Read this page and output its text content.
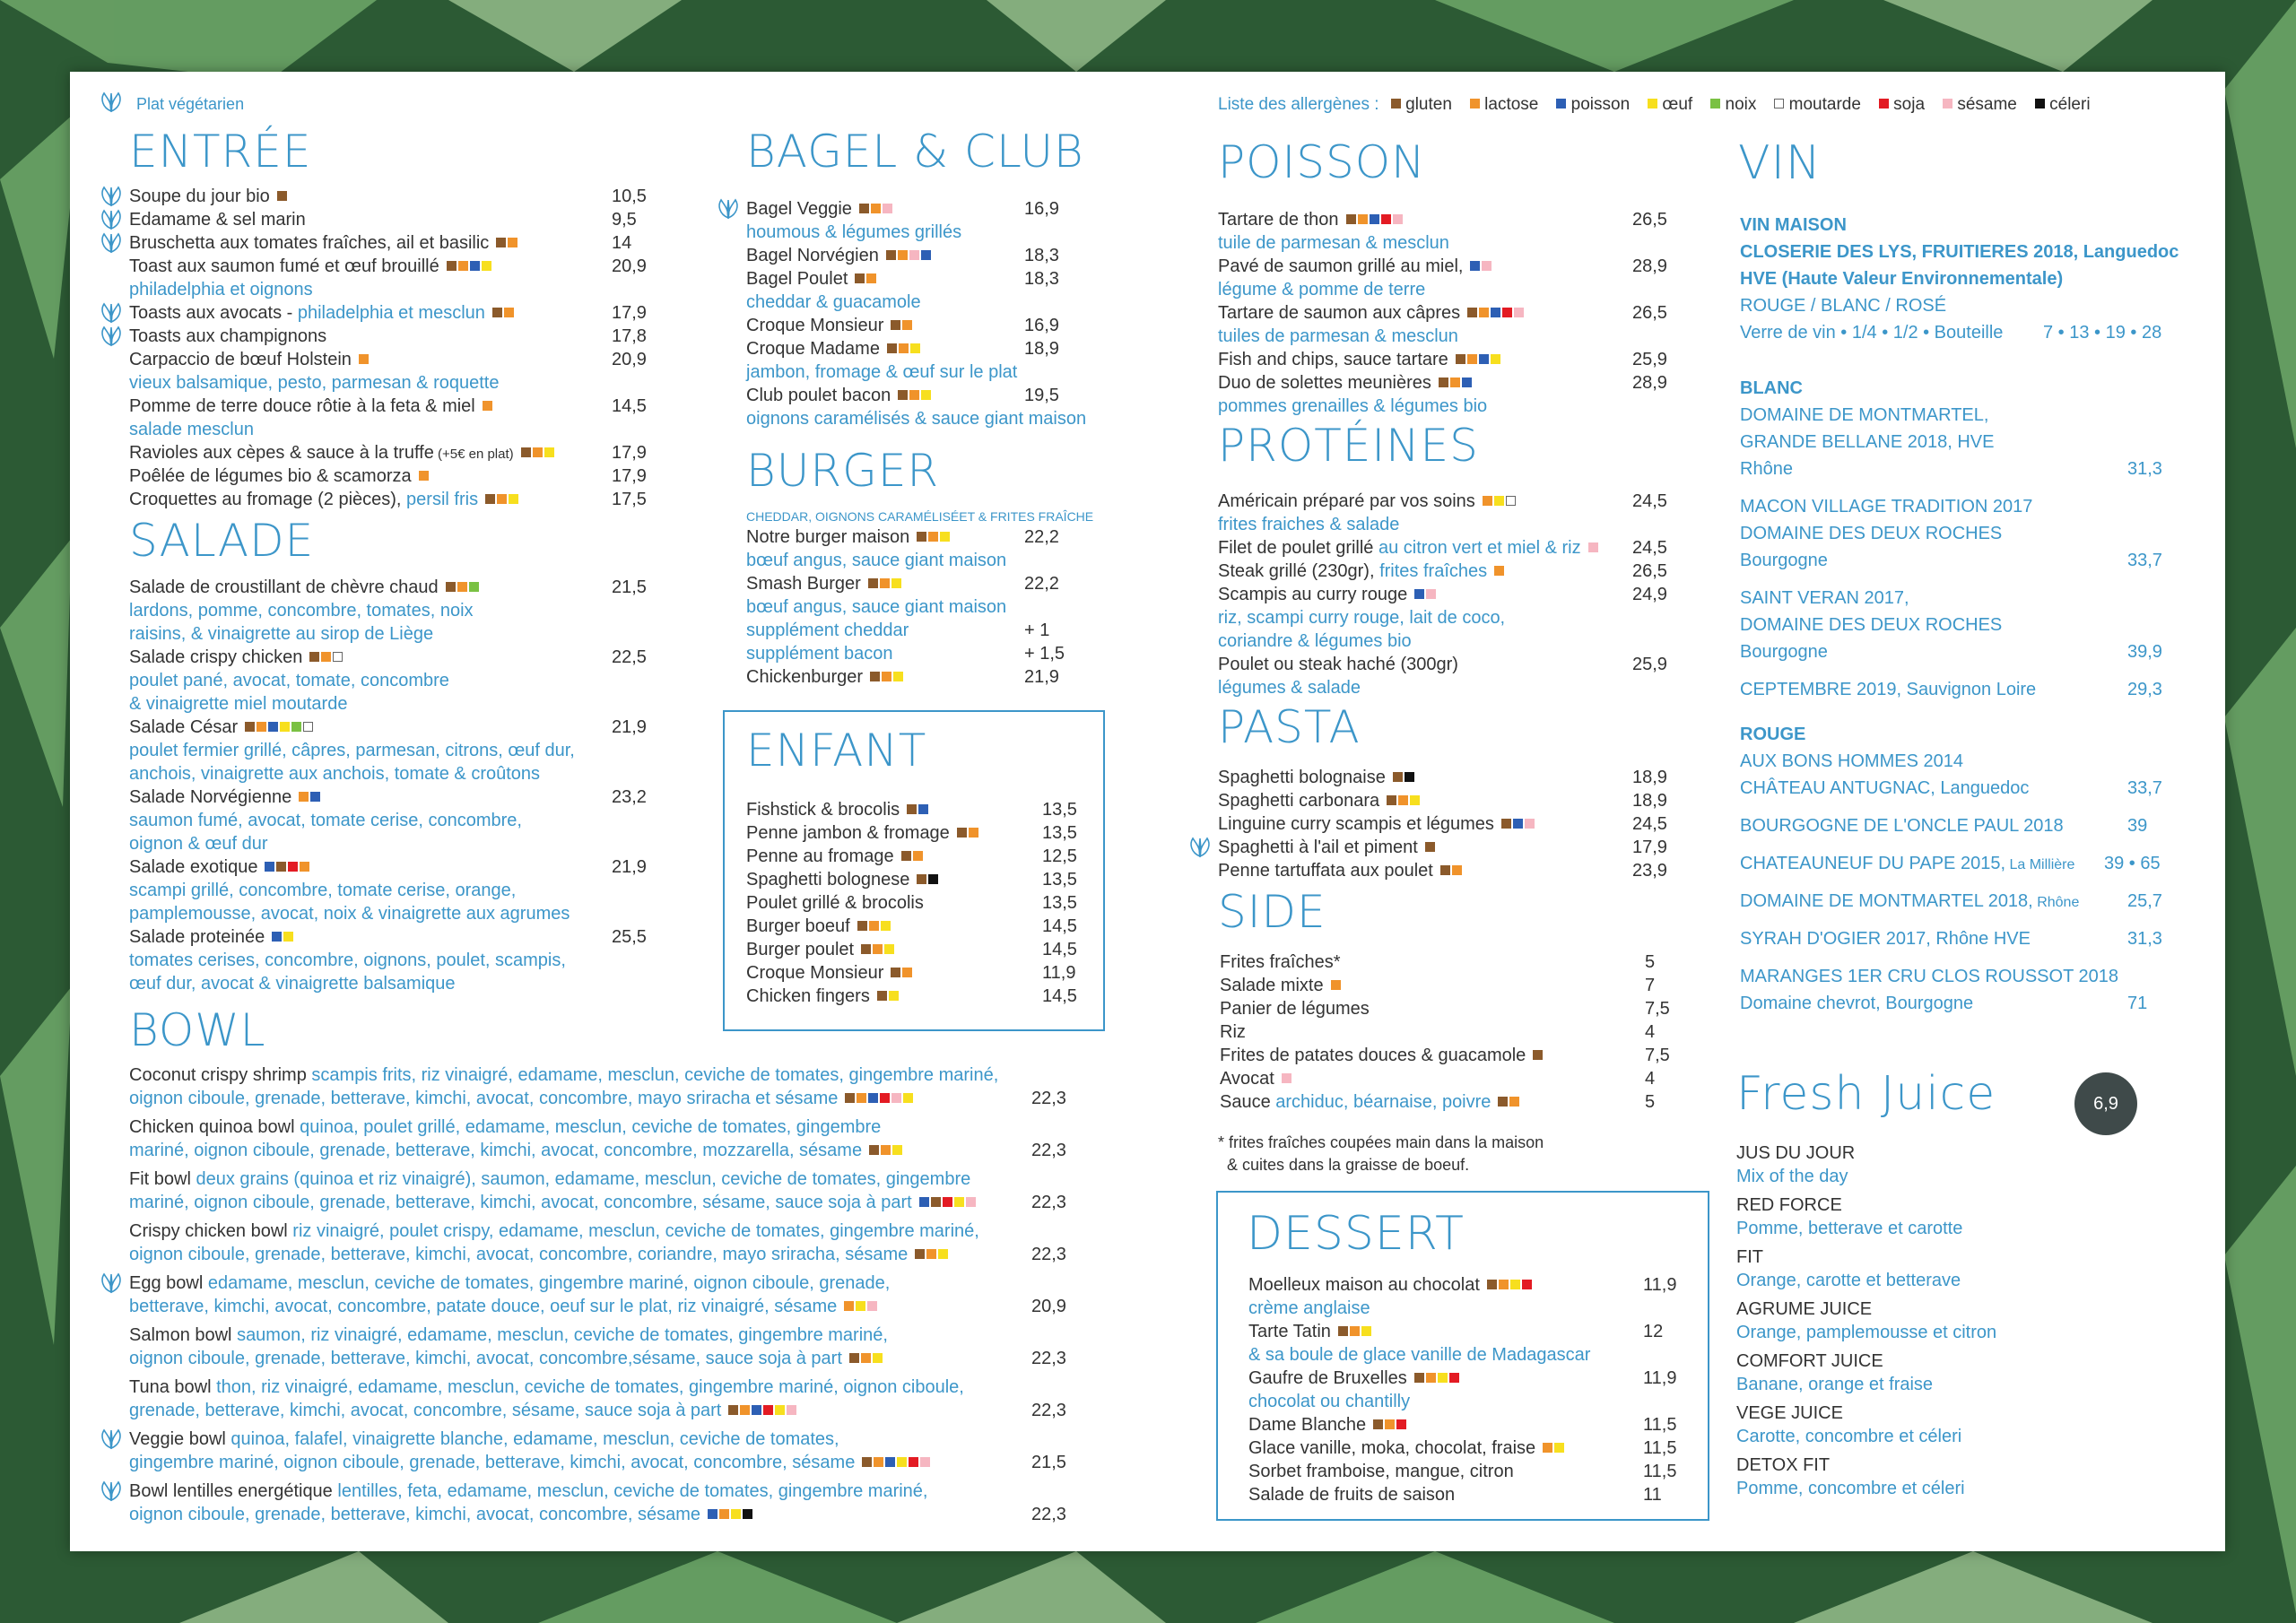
Plat végétarien	Liste des allergènes :  gluten lactose poisson œuf noix moutarde soja sésame céleri
ENTRÉE
Soupe du jour bio	10,5
Edamame & sel marin	9,5
Bruschetta aux tomates fraîches, ail et basilic	14
Toast aux saumon fumé et œuf brouillé	20,9
philadelphia et oignons
Toasts aux avocats - philadelphia et mesclun	17,9
Toasts aux champignons	17,8
Carpaccio de bœuf Holstein	20,9
vieux balsamique, pesto, parmesan & roquette
Pomme de terre douce rôtie à la feta & miel	14,5
salade mesclun
Ravioles aux cèpes & sauce à la truffe (+5€ en plat)	17,9
Poêlée de légumes bio & scamorza	17,9
Croquettes au fromage (2 pièces), persil fris	17,5
SALADE
Salade de croustillant de chèvre chaud	21,5
lardons, pomme, concombre, tomates, noix
raisins, & vinaigrette au sirop de Liège
Salade crispy chicken	22,5
poulet pané, avocat, tomate, concombre
& vinaigrette miel moutarde
Salade César	21,9
poulet fermier grillé, câpres, parmesan, citrons, œuf dur,
anchois, vinaigrette aux anchois, tomate & croûtons
Salade Norvégienne	23,2
saumon fumé, avocat, tomate cerise, concombre,
oignon & œuf dur
Salade exotique	21,9
scampi grillé, concombre, tomate cerise, orange,
pamplemousse, avocat, noix & vinaigrette aux agrumes
Salade proteinée	25,5
tomates cerises, concombre, oignons, poulet, scampis,
œuf dur, avocat & vinaigrette balsamique
BAGEL & CLUB
Bagel Veggie	16,9
houmous & légumes grillés
Bagel Norvégien	18,3
Bagel Poulet	18,3
cheddar & guacamole
Croque Monsieur	16,9
Croque Madame	18,9
jambon, fromage & œuf sur le plat
Club poulet bacon	19,5
oignons caramélisés & sauce giant maison
BURGER
CHEDDAR, OIGNONS CARAMÉLISÉET & FRITES FRAÎCHE
Notre burger maison	22,2
bœuf angus, sauce giant maison
Smash Burger	22,2
bœuf angus, sauce giant maison
supplément cheddar	+ 1
supplément bacon	+ 1,5
Chickenburger	21,9
ENFANT
Fishstick & brocolis	13,5
Penne jambon & fromage	13,5
Penne au fromage	12,5
Spaghetti bolognese	13,5
Poulet grillé & brocolis	13,5
Burger boeuf	14,5
Burger poulet	14,5
Croque Monsieur	11,9
Chicken fingers	14,5
BOWL
Coconut crispy shrimp scampis frits, riz vinaigré, edamame, mesclun, ceviche de tomates, gingembre mariné,
oignon ciboule, grenade, betterave, kimchi, avocat, concombre, mayo sriracha et sésame	22,3
Chicken quinoa bowl quinoa, poulet grillé, edamame, mesclun, ceviche de tomates, gingembre
mariné, oignon ciboule, grenade, betterave, kimchi, avocat, concombre, mozzarella, sésame	22,3
Fit bowl deux grains (quinoa et riz vinaigré), saumon, edamame, mesclun, ceviche de tomates, gingembre
mariné, oignon ciboule, grenade, betterave, kimchi, avocat, concombre, sésame, sauce soja à part	22,3
Crispy chicken bowl riz vinaigré, poulet crispy, edamame, mesclun, ceviche de tomates, gingembre mariné,
oignon ciboule, grenade, betterave, kimchi, avocat, concombre, coriandre, mayo sriracha, sésame	22,3
Egg bowl edamame, mesclun, ceviche de tomates, gingembre mariné, oignon ciboule, grenade,
betterave, kimchi, avocat, concombre, patate douce, oeuf sur le plat, riz vinaigré, sésame	20,9
Salmon bowl saumon, riz vinaigré, edamame, mesclun, ceviche de tomates, gingembre mariné,
oignon ciboule, grenade, betterave, kimchi, avocat, concombre,sésame, sauce soja à part	22,3
Tuna bowl thon, riz vinaigré, edamame, mesclun, ceviche de tomates, gingembre mariné, oignon ciboule,
grenade, betterave, kimchi, avocat, concombre, sésame, sauce soja à part	22,3
Veggie bowl quinoa, falafel, vinaigrette blanche, edamame, mesclun, ceviche de tomates,
gingembre mariné, oignon ciboule, grenade, betterave, kimchi, avocat, concombre, sésame	21,5
Bowl lentilles energétique lentilles, feta, edamame, mesclun, ceviche de tomates, gingembre mariné,
oignon ciboule, grenade, betterave, kimchi, avocat, concombre, sésame	22,3
POISSON
Tartare de thon	26,5
tuile de parmesan & mesclun
Pavé de saumon grillé au miel,	28,9
légume & pomme de terre
Tartare de saumon aux câpres	26,5
tuiles de parmesan & mesclun
Fish and chips, sauce tartare	25,9
Duo de solettes meunières	28,9
pommes grenailles & légumes bio
PROTÉINES
Américain préparé par vos soins	24,5
frites fraiches & salade
Filet de poulet grillé au citron vert et miel & riz	24,5
Steak grillé (230gr), frites fraîches	26,5
Scampis au curry rouge	24,9
riz, scampi curry rouge, lait de coco,
coriandre & légumes bio
Poulet ou steak haché (300gr)	25,9
légumes & salade
PASTA
Spaghetti bolognaise	18,9
Spaghetti carbonara	18,9
Linguine curry scampis et légumes	24,5
Spaghetti à l'ail et piment	17,9
Penne tartuffata aux poulet	23,9
SIDE
Frites fraîches*	5
Salade mixte	7
Panier de légumes	7,5
Riz	4
Frites de patates douces & guacamole	7,5
Avocat	4
Sauce archiduc, béarnaise, poivre	5
* frites fraîches coupées main dans la maison
& cuites dans la graisse de boeuf.
DESSERT
Moelleux maison au chocolat	11,9
crème anglaise
Tarte Tatin	12
& sa boule de glace vanille de Madagascar
Gaufre de Bruxelles	11,9
chocolat ou chantilly
Dame Blanche	11,5
Glace vanille, moka, chocolat, fraise	11,5
Sorbet framboise, mangue, citron	11,5
Salade de fruits de saison	11
VIN
VIN MAISON
CLOSERIE DES LYS, FRUITIERES 2018, Languedoc
HVE (Haute Valeur Environnementale)
ROUGE / BLANC / ROSÉ
Verre de vin • 1/4 • 1/2 • Bouteille 7 • 13 • 19 • 28
BLANC
DOMAINE DE MONTMARTEL,
GRANDE BELLANE 2018, HVE
Rhône	31,3
MACON VILLAGE TRADITION 2017
DOMAINE DES DEUX ROCHES
Bourgogne	33,7
SAINT VERAN 2017,
DOMAINE DES DEUX ROCHES
Bourgogne	39,9
CEPTEMBRE 2019, Sauvignon Loire	29,3
ROUGE
AUX BONS HOMMES 2014
CHÂTEAU ANTUGNAC, Languedoc	33,7
BOURGOGNE DE L'ONCLE PAUL 2018	39
CHATEAUNEUF DU PAPE 2015, La Millière 39 • 65
DOMAINE DE MONTMARTEL 2018, Rhône	25,7
SYRAH D'OGIER 2017, Rhône HVE	31,3
MARANGES 1ER CRU CLOS ROUSSOT 2018
Domaine chevrot, Bourgogne	71
Fresh Juice	6,9
JUS DU JOUR
Mix of the day
RED FORCE
Pomme, betterave et carotte
FIT
Orange, carotte et betterave
AGRUME JUICE
Orange, pamplemousse et citron
COMFORT JUICE
Banane, orange et fraise
VEGE JUICE
Carotte, concombre et céleri
DETOX FIT
Pomme, concombre et céleri
